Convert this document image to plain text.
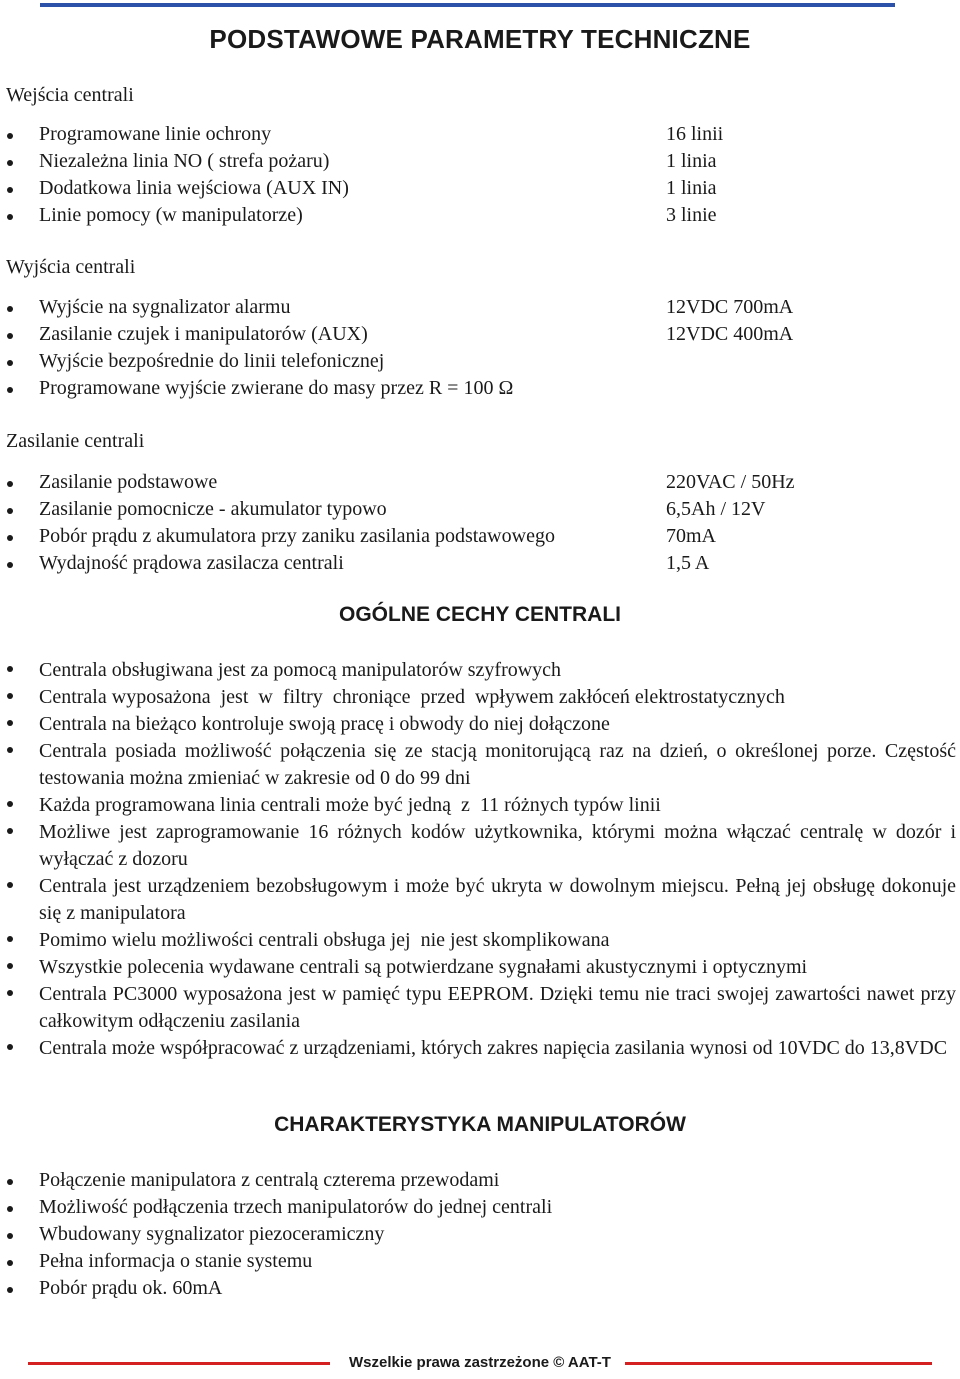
PODSTAWOWE PARAMETRY TECHNICZNE
Wejścia centrali
Programowane linie ochrony	16 linii
Niezależna linia NO ( strefa pożaru)	1 linia
Dodatkowa linia wejściowa (AUX IN)	1 linia
Linie pomocy (w manipulatorze)	3 linie
Wyjścia centrali
Wyjście na sygnalizator alarmu	12VDC 700mA
Zasilanie czujek i manipulatorów (AUX)	12VDC 400mA
Wyjście bezpośrednie do linii telefonicznej
Programowane wyjście zwierane do masy przez R = 100 Ω
Zasilanie centrali
Zasilanie podstawowe	220VAC / 50Hz
Zasilanie pomocnicze - akumulator typowo	6,5Ah / 12V
Pobór prądu z akumulatora przy zaniku zasilania podstawowego	70mA
Wydajność prądowa zasilacza centrali	1,5 A
OGÓLNE CECHY CENTRALI
Centrala obsługiwana jest za pomocą manipulatorów szyfrowych
Centrala wyposażona  jest  w  filtry  chroniące  przed  wpływem zakłóceń elektrostatycznych
Centrala na bieżąco kontroluje swoją pracę i obwody do niej dołączone
Centrala posiada możliwość połączenia się ze stacją monitorującą raz na dzień, o określonej porze. Częstość testowania można zmieniać w zakresie od 0 do 99 dni
Każda programowana linia centrali może być jedną  z  11 różnych typów linii
Możliwe jest zaprogramowanie 16 różnych kodów użytkownika, którymi można włączać centralę w dozór i wyłączać z dozoru
Centrala jest urządzeniem bezobsługowym i może być ukryta w dowolnym miejscu. Pełną jej obsługę dokonuje się z manipulatora
Pomimo wielu możliwości centrali obsługa jej  nie jest skomplikowana
Wszystkie polecenia wydawane centrali są potwierdzane sygnałami akustycznymi i optycznymi
Centrala PC3000 wyposażona jest w pamięć typu EEPROM. Dzięki temu nie traci swojej zawartości nawet przy całkowitym odłączeniu zasilania
Centrala może współpracować z urządzeniami, których zakres napięcia zasilania wynosi od 10VDC do 13,8VDC
CHARAKTERYSTYKA MANIPULATORÓW
Połączenie manipulatora z centralą czterema przewodami
Możliwość podłączenia trzech manipulatorów do jednej centrali
Wbudowany sygnalizator piezoceramiczny
Pełna informacja o stanie systemu
Pobór prądu ok. 60mA
Wszelkie prawa zastrzeżone © AAT-T
